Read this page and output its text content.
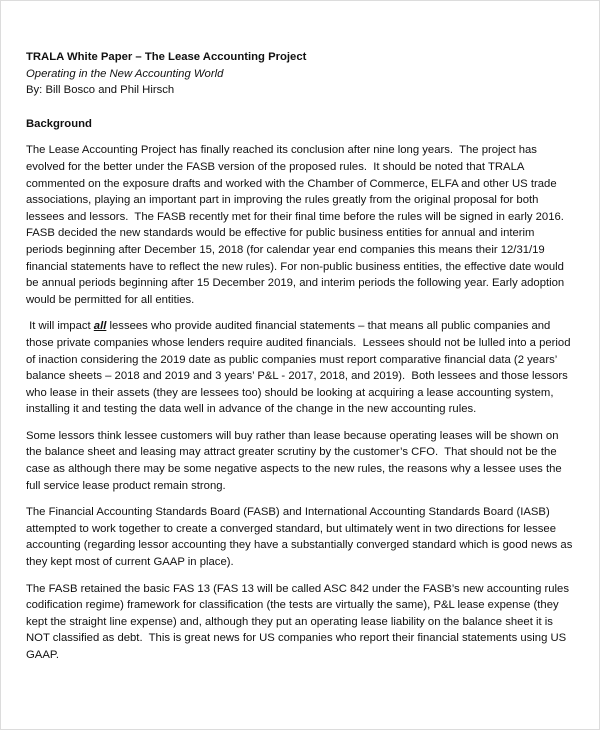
TRALA White Paper – The Lease Accounting Project
Operating in the New Accounting World
By: Bill Bosco and Phil Hirsch
Background

The Lease Accounting Project has finally reached its conclusion after nine long years.  The project has evolved for the better under the FASB version of the proposed rules.  It should be noted that TRALA commented on the exposure drafts and worked with the Chamber of Commerce, ELFA and other US trade associations, playing an important part in improving the rules greatly from the original proposal for both lessees and lessors.  The FASB recently met for their final time before the rules will be signed in early 2016.  FASB decided the new standards would be effective for public business entities for annual and interim periods beginning after December 15, 2018 (for calendar year end companies this means their 12/31/19 financial statements have to reflect the new rules). For non-public business entities, the effective date would be annual periods beginning after 15 December 2019, and interim periods the following year. Early adoption would be permitted for all entities.

It will impact all lessees who provide audited financial statements – that means all public companies and those private companies whose lenders require audited financials.  Lessees should not be lulled into a period of inaction considering the 2019 date as public companies must report comparative financial data (2 years’ balance sheets – 2018 and 2019 and 3 years’ P&L - 2017, 2018, and 2019).  Both lessees and those lessors who lease in their assets (they are lessees too) should be looking at acquiring a lease accounting system, installing it and testing the data well in advance of the change in the new accounting rules.

Some lessors think lessee customers will buy rather than lease because operating leases will be shown on the balance sheet and leasing may attract greater scrutiny by the customer’s CFO.  That should not be the case as although there may be some negative aspects to the new rules, the reasons why a lessee uses the full service lease product remain strong.

The Financial Accounting Standards Board (FASB) and International Accounting Standards Board (IASB) attempted to work together to create a converged standard, but ultimately went in two directions for lessee accounting (regarding lessor accounting they have a substantially converged standard which is good news as they kept most of current GAAP in place).

The FASB retained the basic FAS 13 (FAS 13 will be called ASC 842 under the FASB’s new accounting rules codification regime) framework for classification (the tests are virtually the same), P&L lease expense (they kept the straight line expense) and, although they put an operating lease liability on the balance sheet it is NOT classified as debt.  This is great news for US companies who report their financial statements using US GAAP.
